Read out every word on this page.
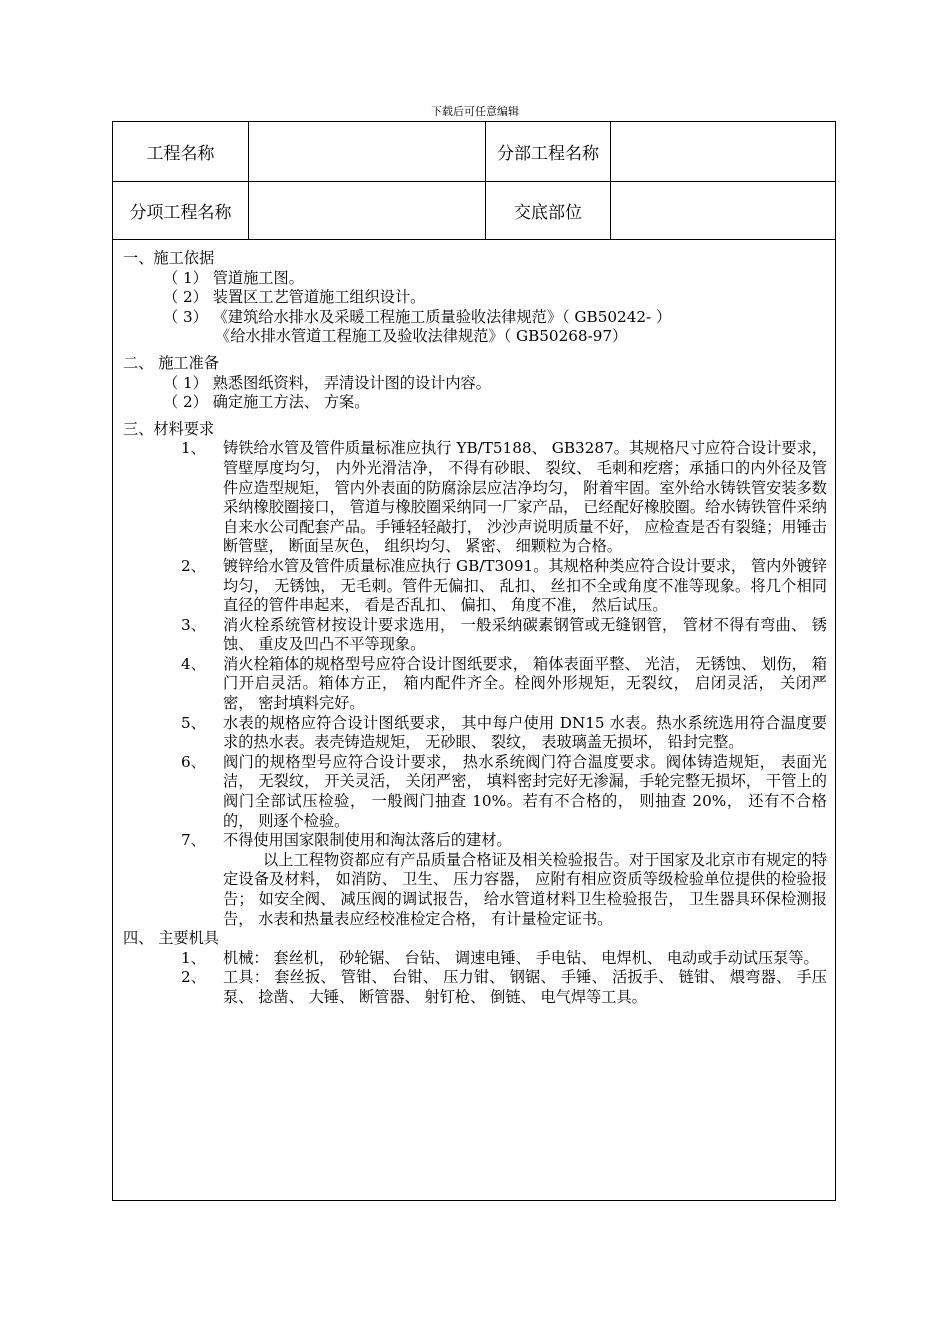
下载后可任意编辑
工程名称	分部工程名称
分项工程名称	交底部位
一、施工依据
（ 1） 管道施工图。
（ 2） 装置区工艺管道施工组织设计。
（ 3） 《建筑给水排水及采暖工程施工质量验收法律规范》（ GB50242- ）
《给水排水管道工程施工及验收法律规范》（ GB50268-97）
二、 施工准备
（ 1） 熟悉图纸资料， 弄清设计图的设计内容。
（ 2） 确定施工方法、 方案。
三、材料要求
1、	铸铁给水管及管件质量标准应执行 YB/T5188、 GB3287。其规格尺寸应符合设计要求，管壁厚度均匀， 内外光滑洁净， 不得有砂眼、 裂纹、 毛刺和疙瘩；承插口的内外径及管件应造型规矩， 管内外表面的防腐涂层应洁净均匀， 附着牢固。室外给水铸铁管安装多数采纳橡胶圈接口， 管道与橡胶圈采纳同一厂家产品， 已经配好橡胶圈。给水铸铁管件采纳自来水公司配套产品。手锤轻轻敲打， 沙沙声说明质量不好， 应检查是否有裂缝；用锤击断管壁， 断面呈灰色， 组织均匀、 紧密、 细颗粒为合格。
2、	镀锌给水管及管件质量标准应执行 GB/T3091。其规格种类应符合设计要求， 管内外镀锌均匀， 无锈蚀， 无毛刺。管件无偏扣、 乱扣、 丝扣不全或角度不准等现象。将几个相同直径的管件串起来， 看是否乱扣、 偏扣、 角度不准， 然后试压。
3、	消火栓系统管材按设计要求选用， 一般采纳碳素钢管或无缝钢管， 管材不得有弯曲、 锈蚀、 重皮及凹凸不平等现象。
4、	消火栓箱体的规格型号应符合设计图纸要求， 箱体表面平整、 光洁， 无锈蚀、 划伤， 箱门开启灵活。箱体方正， 箱内配件齐全。栓阀外形规矩，无裂纹， 启闭灵活， 关闭严密， 密封填料完好。
5、	水表的规格应符合设计图纸要求， 其中每户使用 DN15 水表。热水系统选用符合温度要求的热水表。表壳铸造规矩， 无砂眼、 裂纹， 表玻璃盖无损坏， 铅封完整。
6、	阀门的规格型号应符合设计要求， 热水系统阀门符合温度要求。阀体铸造规矩， 表面光洁， 无裂纹， 开关灵活， 关闭严密， 填料密封完好无渗漏，手轮完整无损坏， 干管上的阀门全部试压检验， 一般阀门抽查 10%。若有不合格的， 则抽查 20%， 还有不合格的， 则逐个检验。
7、	不得使用国家限制使用和淘汰落后的建材。
以上工程物资都应有产品质量合格证及相关检验报告。对于国家及北京市有规定的特定设备及材料， 如消防、 卫生、 压力容器， 应附有相应资质等级检验单位提供的检验报告； 如安全阀、 减压阀的调试报告， 给水管道材料卫生检验报告， 卫生器具环保检测报告， 水表和热量表应经校准检定合格， 有计量检定证书。
四、 主要机具
1、	机械： 套丝机， 砂轮锯、 台钻、 调速电锤、 手电钻、 电焊机、 电动或手动试压泵等。
2、	工具： 套丝扳、 管钳、 台钳、 压力钳、 钢锯、 手锤、 活扳手、 链钳、 煨弯器、 手压泵、 捻凿、 大锤、 断管器、 射钉枪、 倒链、 电气焊等工具。
